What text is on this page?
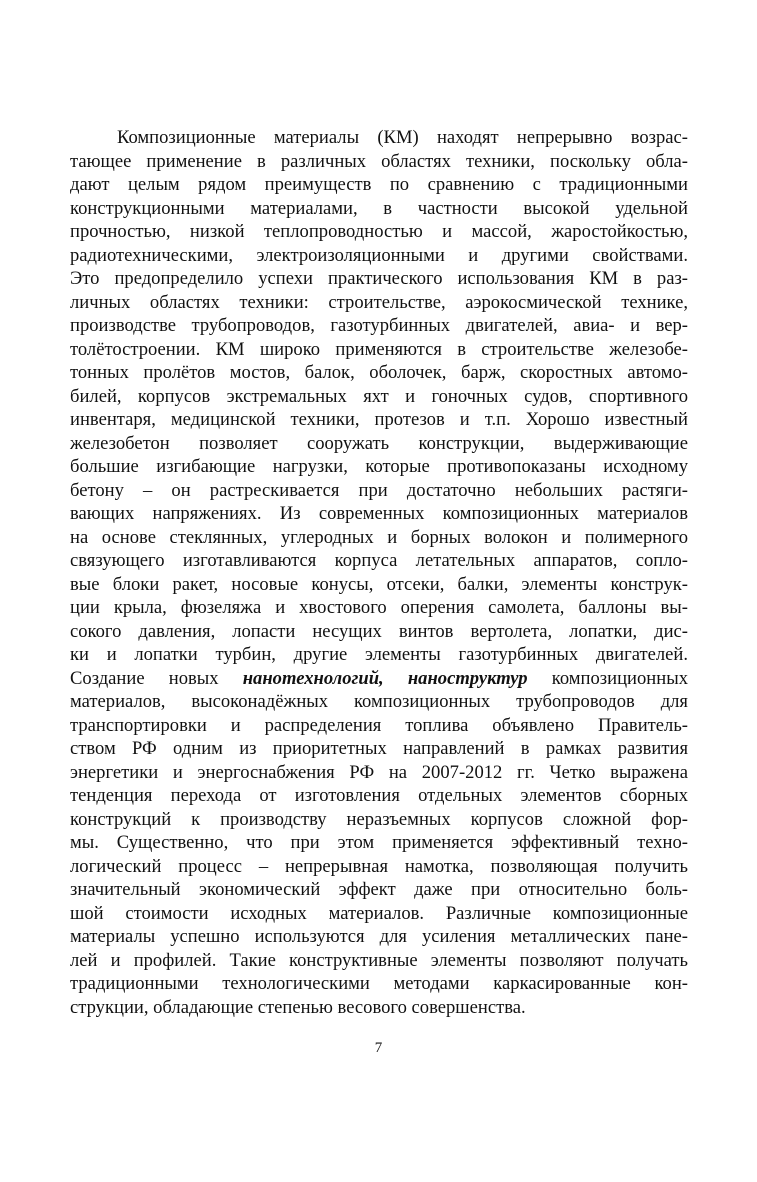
Композиционные материалы (КМ) находят непрерывно возрас-
тающее применение в различных областях техники, поскольку обла-
дают целым рядом преимуществ по сравнению с традиционными
конструкционными материалами, в частности высокой удельной
прочностью, низкой теплопроводностью и массой, жаростойкостью,
радиотехническими, электроизоляционными и другими свойствами.
Это предопределило успехи практического использования КМ в раз-
личных областях техники: строительстве, аэрокосмической технике,
производстве трубопроводов, газотурбинных двигателей, авиа- и вер-
толётостроении. КМ широко применяются в строительстве железобе-
тонных пролётов мостов, балок, оболочек, барж, скоростных автомо-
билей, корпусов экстремальных яхт и гоночных судов, спортивного
инвентаря, медицинской техники, протезов и т.п. Хорошо известный
железобетон позволяет сооружать конструкции, выдерживающие
большие изгибающие нагрузки, которые противопоказаны исходному
бетону – он растрескивается при достаточно небольших растяги-
вающих напряжениях. Из современных композиционных материалов
на основе стеклянных, углеродных и борных волокон и полимерного
связующего изготавливаются корпуса летательных аппаратов, сопло-
вые блоки ракет, носовые конусы, отсеки, балки, элементы конструк-
ции крыла, фюзеляжа и хвостового оперения самолета, баллоны вы-
сокого давления, лопасти несущих винтов вертолета, лопатки, дис-
ки и лопатки турбин, другие элементы газотурбинных двигателей.
Создание новых нанотехнологий, наноструктур композиционных
материалов, высоконадёжных композиционных трубопроводов для
транспортировки и распределения топлива объявлено Правитель-
ством РФ одним из приоритетных направлений в рамках развития
энергетики и энергоснабжения РФ на 2007-2012 гг. Четко выражена
тенденция перехода от изготовления отдельных элементов сборных
конструкций к производству неразъемных корпусов сложной фор-
мы. Существенно, что при этом применяется эффективный техно-
логический процесс – непрерывная намотка, позволяющая получить
значительный экономический эффект даже при относительно боль-
шой стоимости исходных материалов. Различные композиционные
материалы успешно используются для усиления металлических пане-
лей и профилей. Такие конструктивные элементы позволяют получать
традиционными технологическими методами каркасированные кон-
струкции, обладающие степенью весового совершенства.
7
